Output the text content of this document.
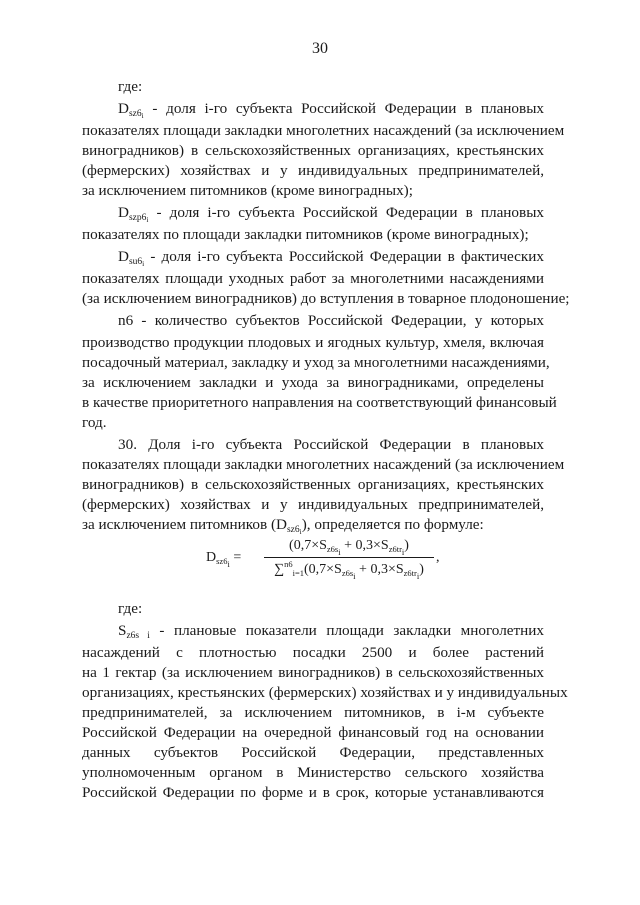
30
где:
$D_{sz6_i}$ - доля i-го субъекта Российской Федерации в плановых
показателях площади закладки многолетних насаждений (за исключением
виноградников) в сельскохозяйственных организациях, крестьянских
(фермерских) хозяйствах и у индивидуальных предпринимателей,
за исключением питомников (кроме виноградных);
$D_{szp6_i}$ - доля i-го субъекта Российской Федерации в плановых
показателях по площади закладки питомников (кроме виноградных);
$D_{su6_i}$ - доля i-го субъекта Российской Федерации в фактических
показателях площади уходных работ за многолетними насаждениями
(за исключением виноградников) до вступления в товарное плодоношение;
n6 - количество субъектов Российской Федерации, у которых
производство продукции плодовых и ягодных культур, хмеля, включая
посадочный материал, закладку и уход за многолетними насаждениями,
за исключением закладки и ухода за виноградниками, определены
в качестве приоритетного направления на соответствующий финансовый
год.
30. Доля i-го субъекта Российской Федерации в плановых
показателях площади закладки многолетних насаждений (за исключением
виноградников) в сельскохозяйственных организациях, крестьянских
(фермерских) хозяйствах и у индивидуальных предпринимателей,
за исключением питомников $(D_{sz6_i})$, определяется по формуле:
$D_{sz6_i}$ =
$(0,7\times S_{z6s_i} + 0,3\times S_{z6tr_i})$
$\sum^{n6}_{i=1}(0,7\times S_{z6s_i} + 0,3\times S_{z6tr_i})$
,
где:
$S_{z6s i}$ - плановые показатели площади закладки многолетних
насаждений с плотностью посадки 2500 и более растений
на 1 гектар (за исключением виноградников) в сельскохозяйственных
организациях, крестьянских (фермерских) хозяйствах и у индивидуальных
предпринимателей, за исключением питомников, в i-м субъекте
Российской Федерации на очередной финансовый год на основании
данных субъектов Российской Федерации, представленных
уполномоченным органом в Министерство сельского хозяйства
Российской Федерации по форме и в срок, которые устанавливаются
